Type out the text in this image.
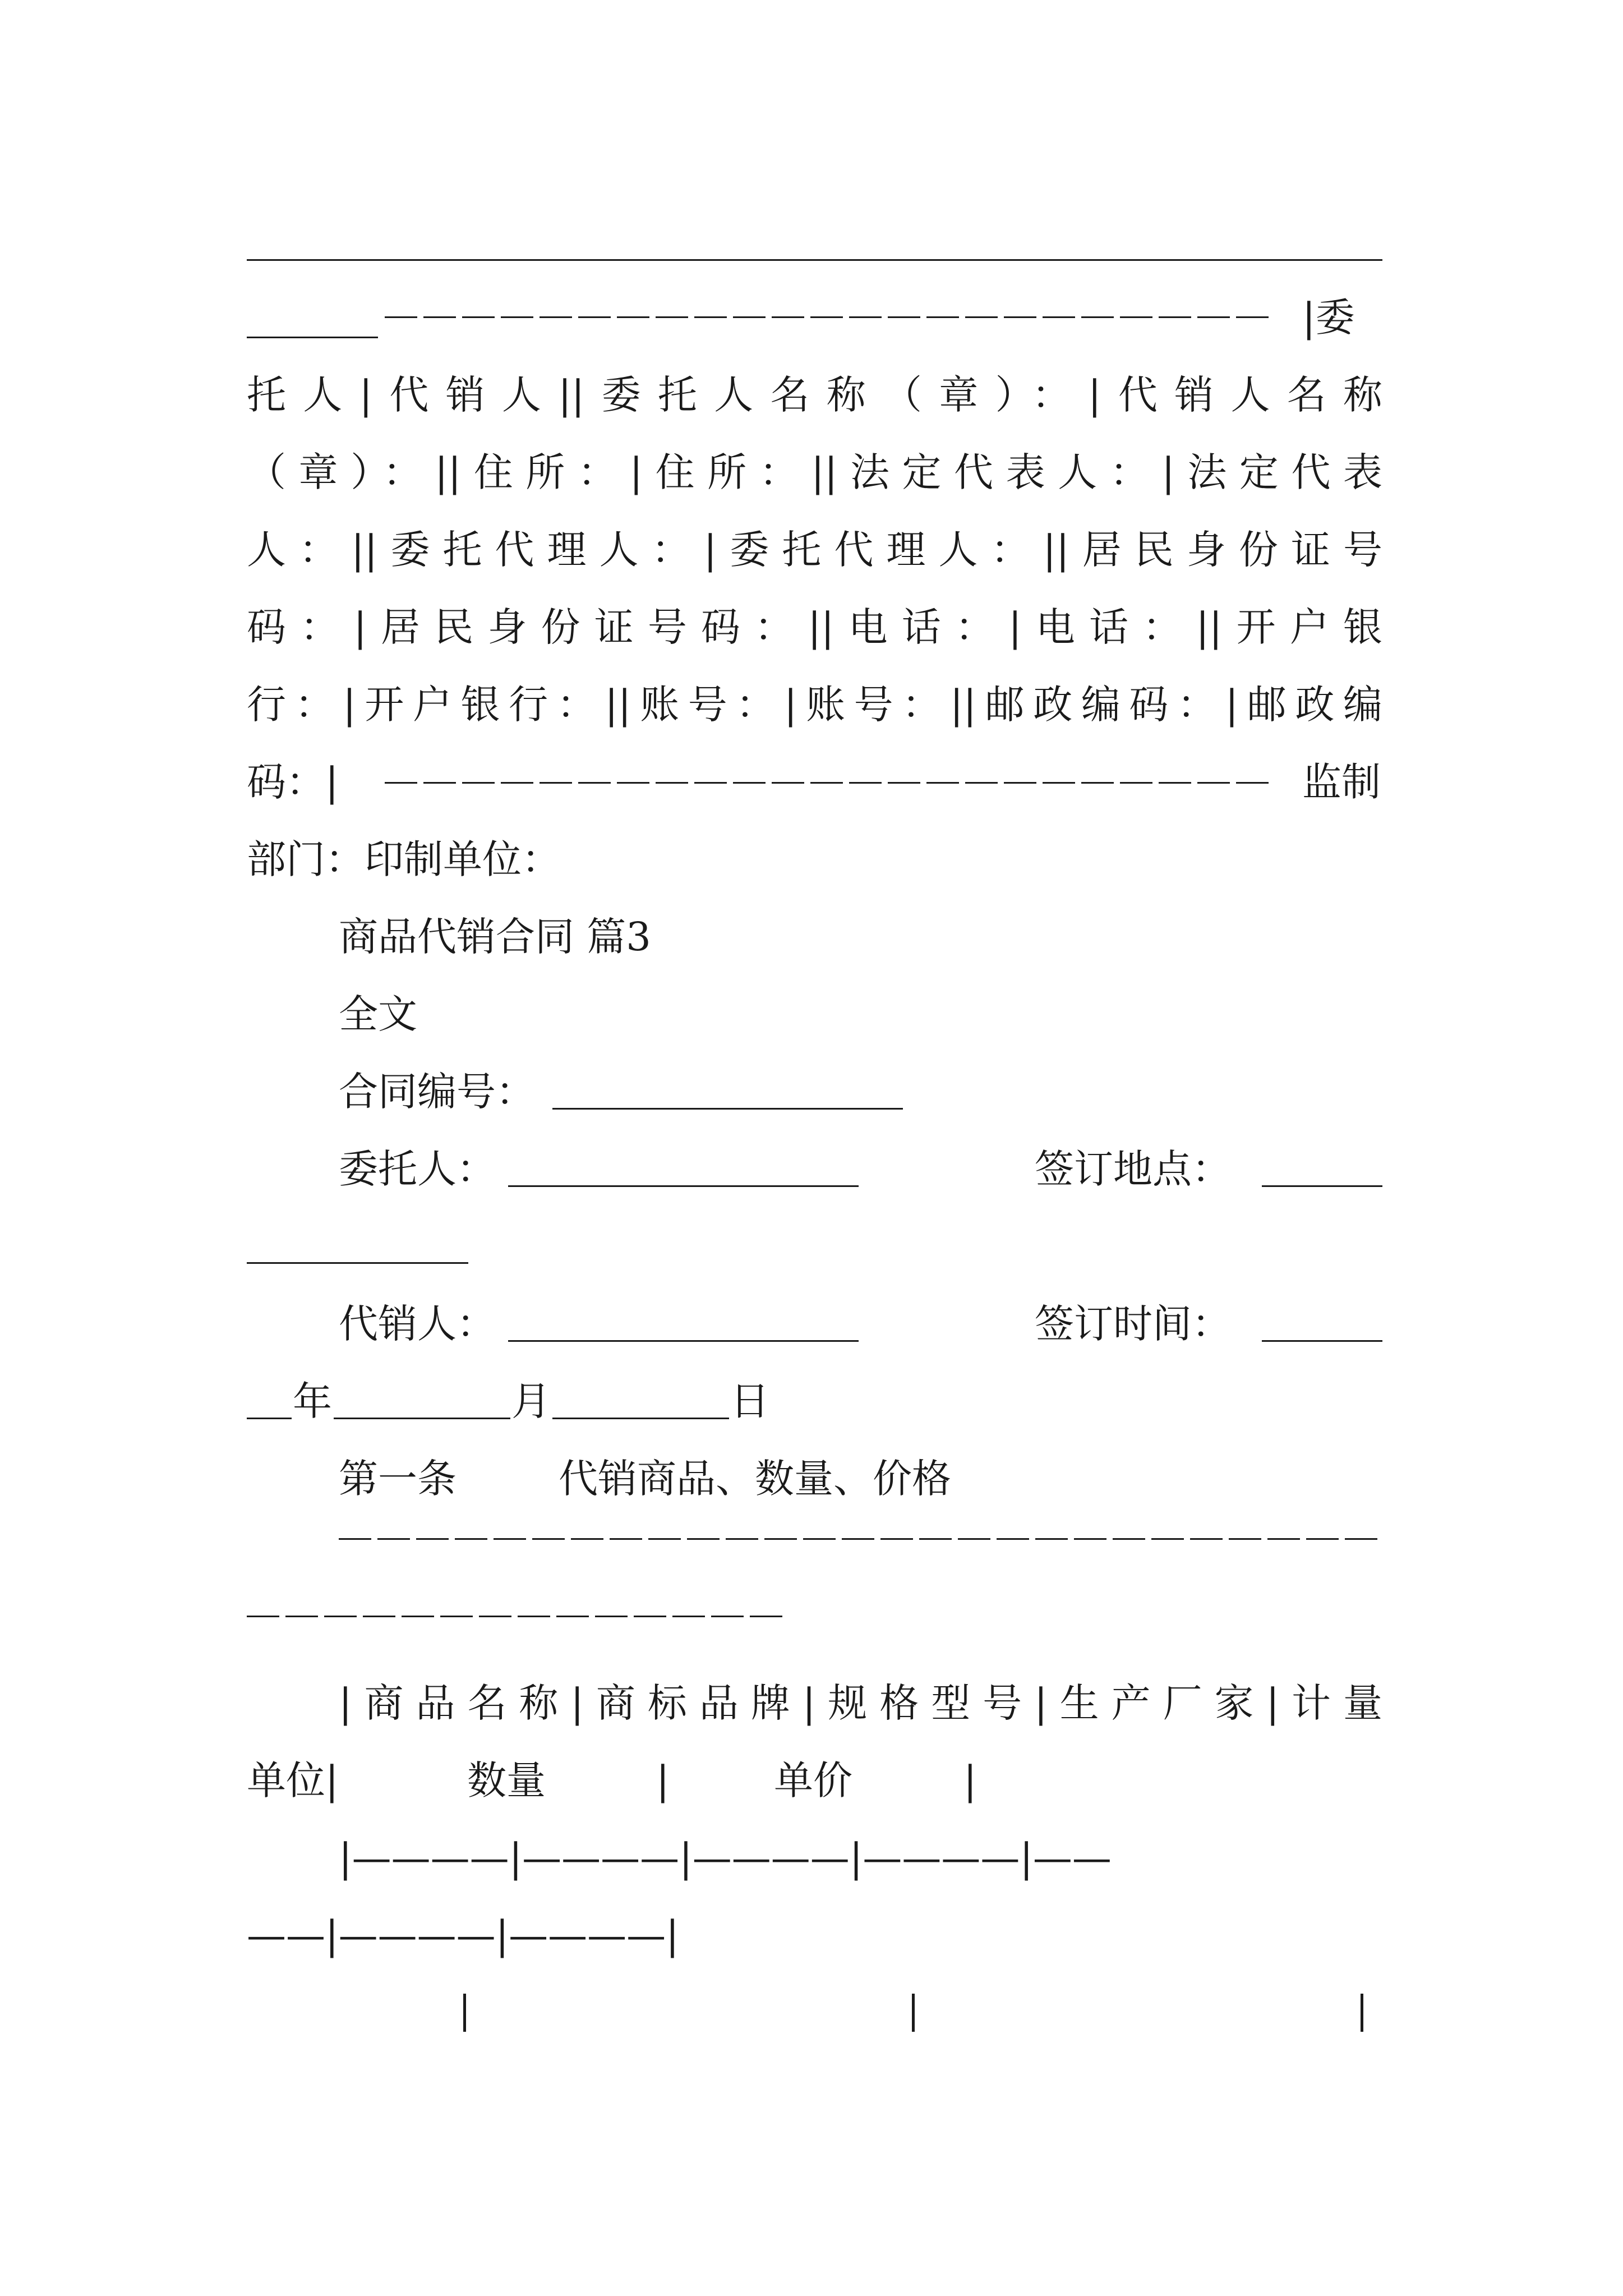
|委
托人|代销人||委托人名称（章）：|代销人名称
（章）：||住所：|住所：||法定代表人：|法定代表
人：||委托代理人：|委托代理人：||居民身份证号
码：|居民身份证号码：||电话：|电话：||开户银
行：|开户银行：||账号：|账号：||邮政编码：|邮政编
码：|	监制
部门：印制单位：
商品代销合同 篇3
全文
合同编号：
委托人：	签订地点：
代销人：	签订时间：
年	月	日
第一条	代销商品、数量、价格
|商品名称|商标品牌|规格型号|生产厂家|计量
单位|	数量	|	单价	|
|————|————|————|————|——
——|————|————|
